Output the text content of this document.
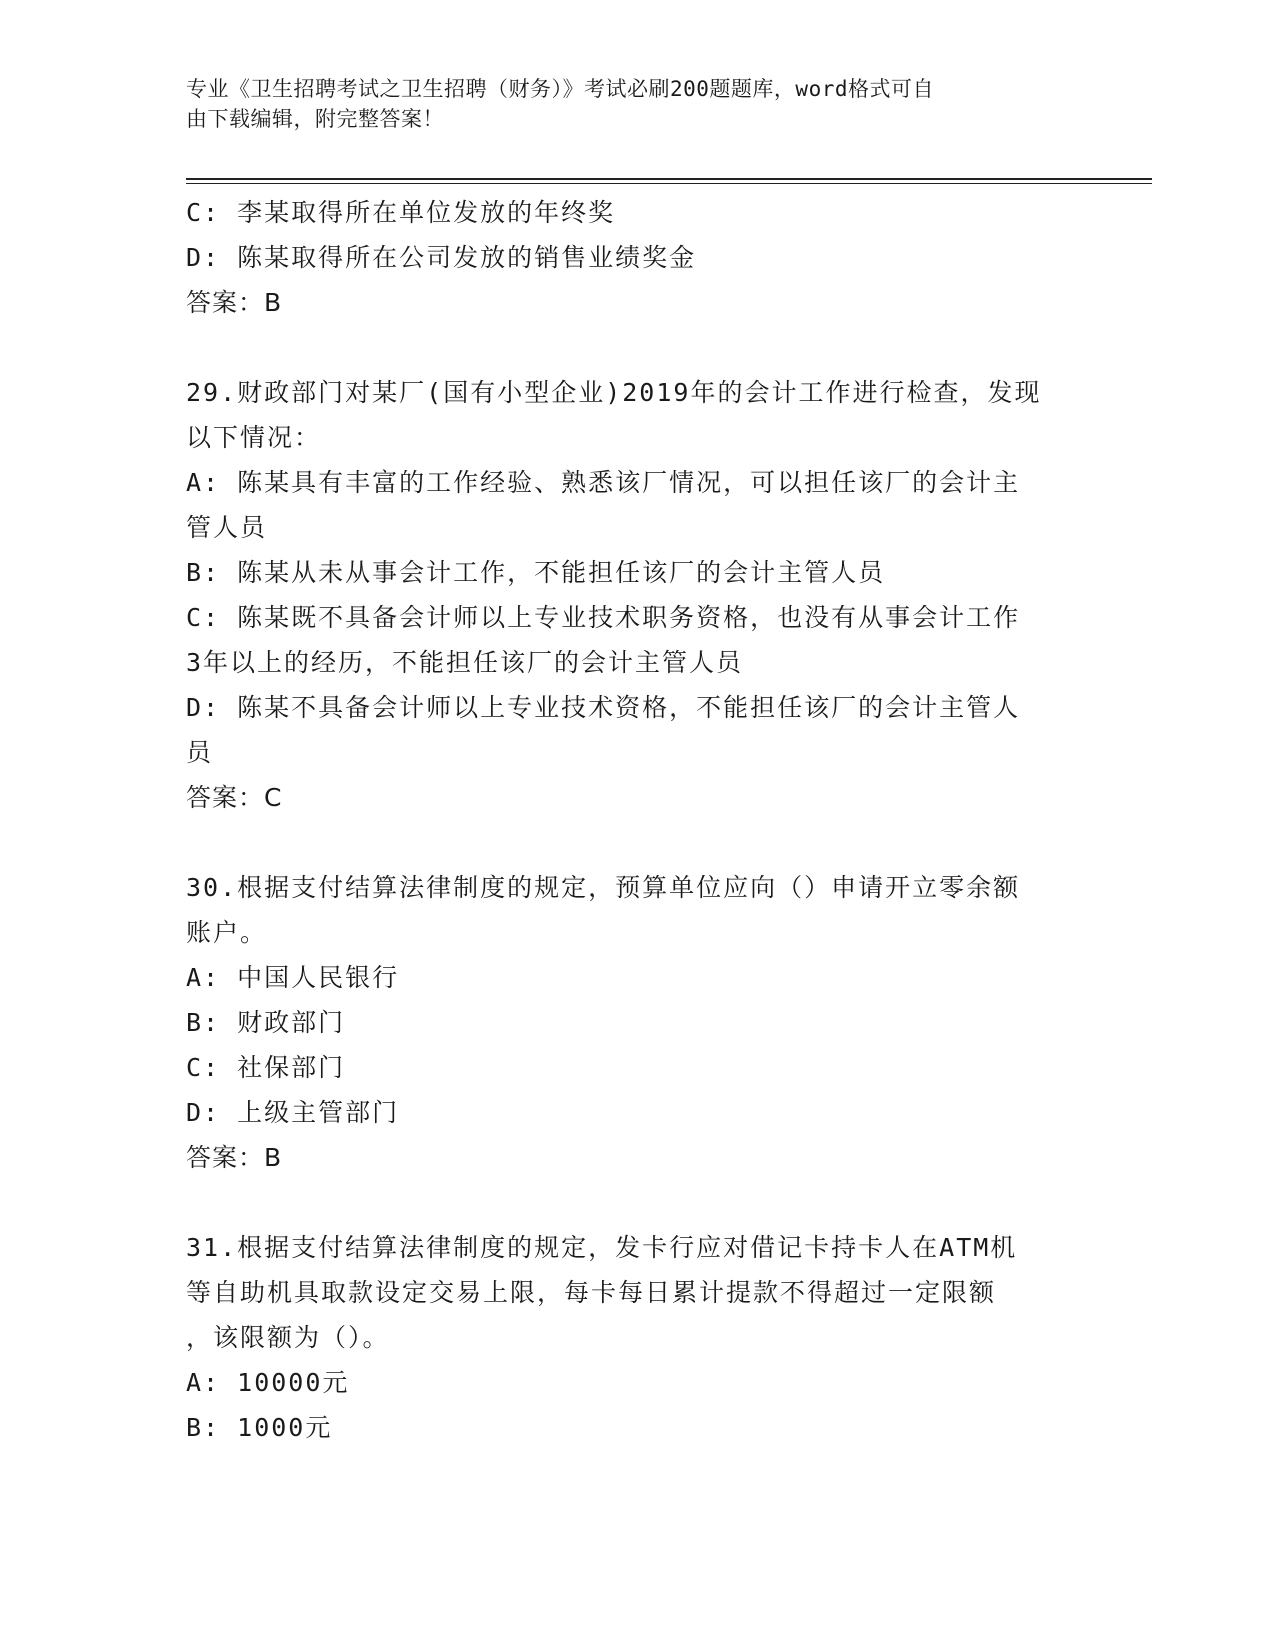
专业《卫生招聘考试之卫生招聘（财务）》考试必刷200题题库，word格式可自
由下载编辑，附完整答案！
C: 李某取得所在单位发放的年终奖
D: 陈某取得所在公司发放的销售业绩奖金
答案：B
29.财政部门对某厂(国有小型企业)2019年的会计工作进行检查，发现
以下情况：
A: 陈某具有丰富的工作经验、熟悉该厂情况，可以担任该厂的会计主
管人员
B: 陈某从未从事会计工作，不能担任该厂的会计主管人员
C: 陈某既不具备会计师以上专业技术职务资格，也没有从事会计工作
3年以上的经历，不能担任该厂的会计主管人员
D: 陈某不具备会计师以上专业技术资格，不能担任该厂的会计主管人
员
答案：C
30.根据支付结算法律制度的规定，预算单位应向（）申请开立零余额
账户。
A: 中国人民银行
B: 财政部门
C: 社保部门
D: 上级主管部门
答案：B
31.根据支付结算法律制度的规定，发卡行应对借记卡持卡人在ATM机
等自助机具取款设定交易上限，每卡每日累计提款不得超过一定限额
，该限额为（）。
A: 10000元
B: 1000元
